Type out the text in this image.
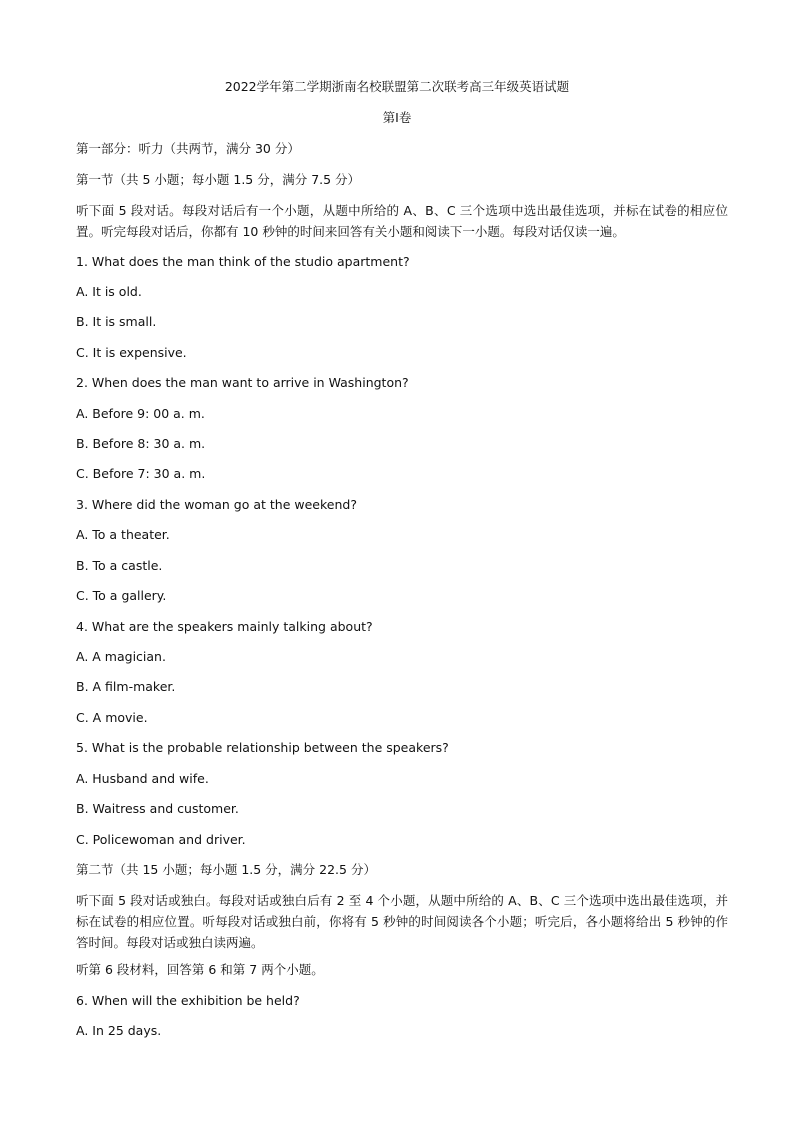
2022学年第二学期浙南名校联盟第二次联考高三年级英语试题
第Ⅰ卷
第一部分：听力（共两节，满分 30 分）
第一节（共 5 小题；每小题 1.5 分，满分 7.5 分）
听下面 5 段对话。每段对话后有一个小题，从题中所给的 A、B、C 三个选项中选出最佳选项，并标在试卷的相应位置。听完每段对话后，你都有 10 秒钟的时间来回答有关小题和阅读下一小题。每段对话仅读一遍。
1. What does the man think of the studio apartment?
A. It is old.
B. It is small.
C. It is expensive.
2. When does the man want to arrive in Washington?
A. Before 9: 00 a. m.
B. Before 8: 30 a. m.
C. Before 7: 30 a. m.
3. Where did the woman go at the weekend?
A. To a theater.
B. To a castle.
C. To a gallery.
4. What are the speakers mainly talking about?
A. A magician.
B. A film-maker.
C. A movie.
5. What is the probable relationship between the speakers?
A. Husband and wife.
B. Waitress and customer.
C. Policewoman and driver.
第二节（共 15 小题；每小题 1.5 分，满分 22.5 分）
听下面 5 段对话或独白。每段对话或独白后有 2 至 4 个小题，从题中所给的 A、B、C 三个选项中选出最佳选项，并标在试卷的相应位置。听每段对话或独白前，你将有 5 秒钟的时间阅读各个小题；听完后，各小题将给出 5 秒钟的作答时间。每段对话或独白读两遍。
听第 6 段材料，回答第 6 和第 7 两个小题。
6. When will the exhibition be held?
A. In 25 days.
